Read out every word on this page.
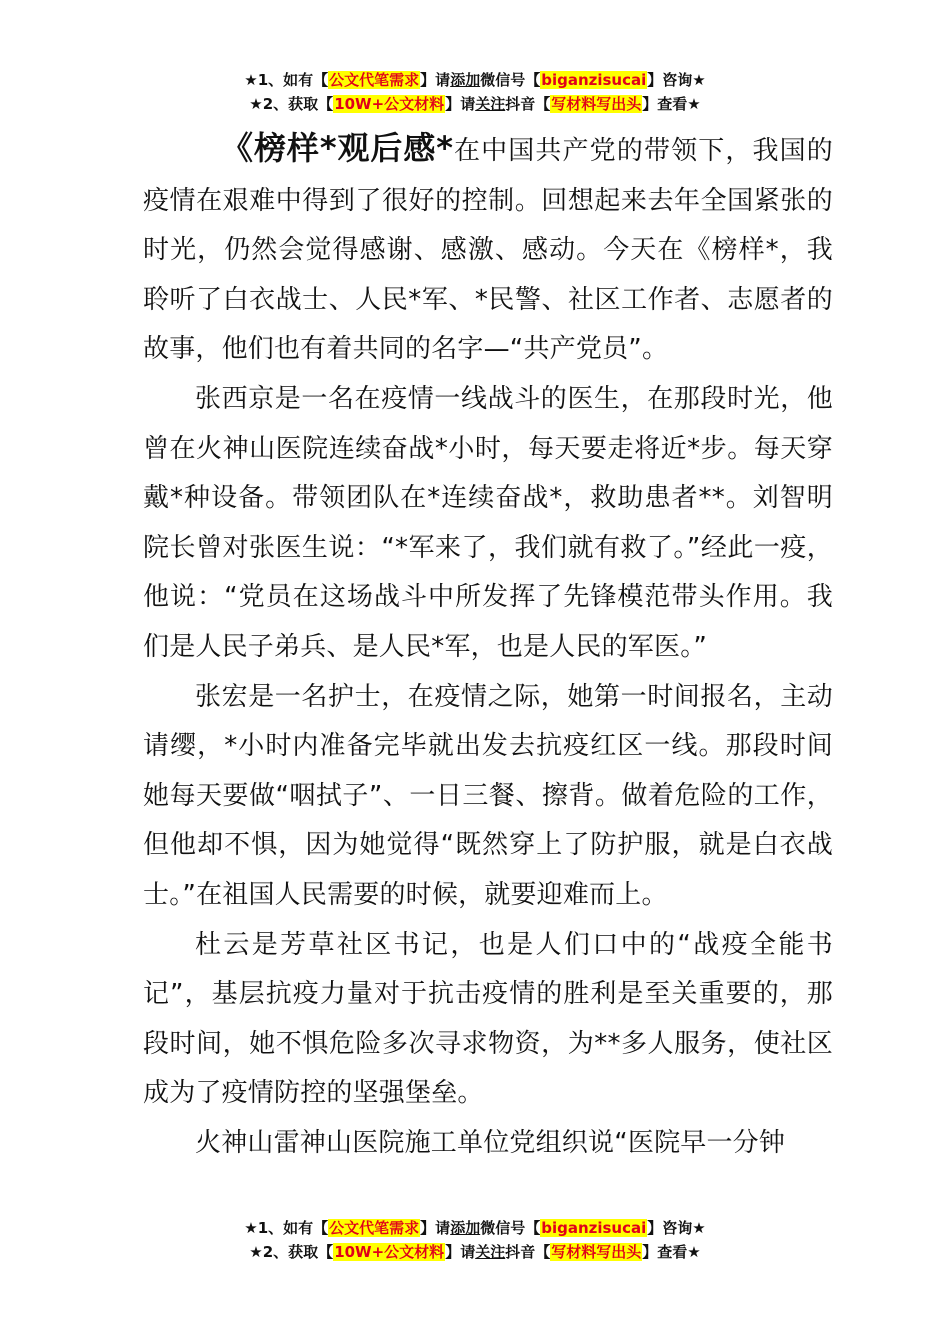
★1、如有【公文代笔需求】请添加微信号【biganzisucai】咨询★
★2、获取【10W+公文材料】请关注抖音【写材料写出头】查看★

《榜样*观后感*在中国共产党的带领下，我国的疫情在艰难中得到了很好的控制。回想起来去年全国紧张的时光，仍然会觉得感谢、感激、感动。今天在《榜样*，我聆听了白衣战士、人民*军、*民警、社区工作者、志愿者的故事，他们也有着共同的名字—“共产党员”。

张西京是一名在疫情一线战斗的医生，在那段时光，他曾在火神山医院连续奋战*小时，每天要走将近*步。每天穿戴*种设备。带领团队在*连续奋战*，救助患者**。刘智明院长曾对张医生说：“*军来了，我们就有救了。”经此一疫，他说：“党员在这场战斗中所发挥了先锋模范带头作用。我们是人民子弟兵、是人民*军，也是人民的军医。”

张宏是一名护士，在疫情之际，她第一时间报名，主动请缨，*小时内准备完毕就出发去抗疫红区一线。那段时间她每天要做“咽拭子”、一日三餐、擦背。做着危险的工作，但他却不惧，因为她觉得“既然穿上了防护服，就是白衣战士。”在祖国人民需要的时候，就要迎难而上。

杜云是芳草社区书记，也是人们口中的“战疫全能书记”，基层抗疫力量对于抗击疫情的胜利是至关重要的，那段时间，她不惧危险多次寻求物资，为**多人服务，使社区成为了疫情防控的坚强堡垒。

火神山雷神山医院施工单位党组织说“医院早一分钟

★1、如有【公文代笔需求】请添加微信号【biganzisucai】咨询★
★2、获取【10W+公文材料】请关注抖音【写材料写出头】查看★
